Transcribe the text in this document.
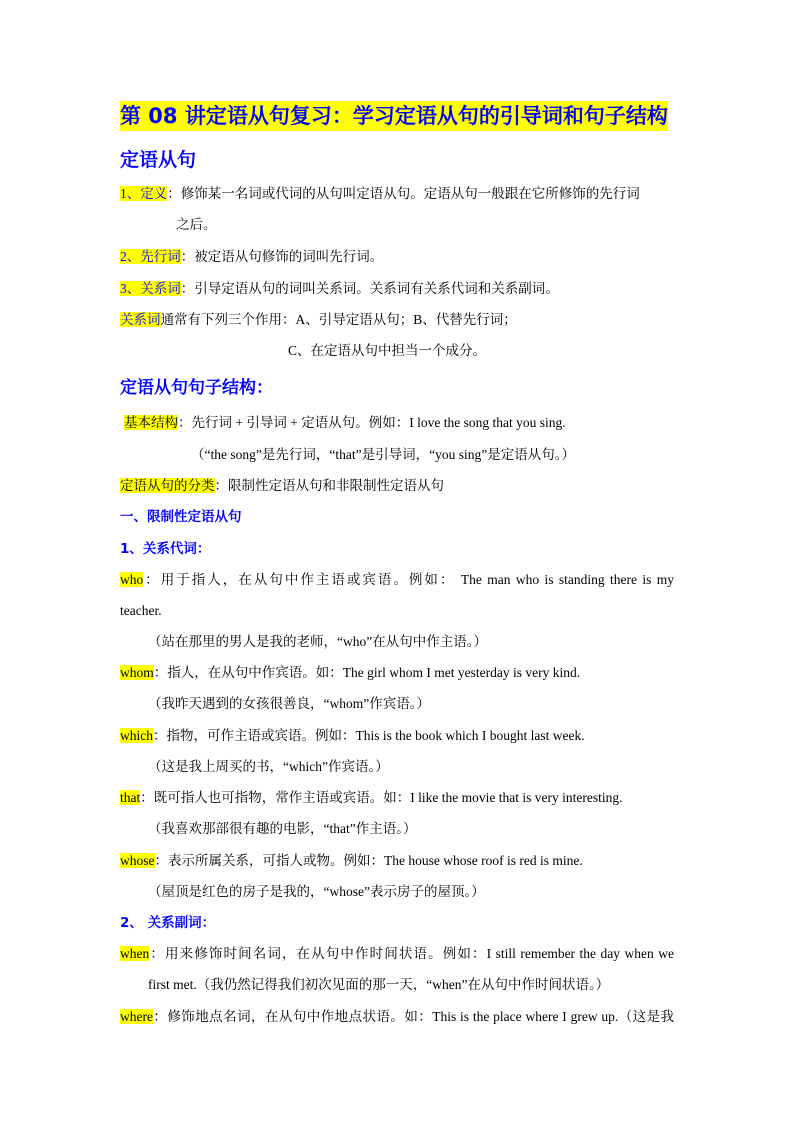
第 08 讲定语从句复习：学习定语从句的引导词和句子结构
定语从句
1、定义：修饰某一名词或代词的从句叫定语从句。定语从句一般跟在它所修饰的先行词
之后。
2、先行词：被定语从句修饰的词叫先行词。
3、关系词：引导定语从句的词叫关系词。关系词有关系代词和关系副词。
关系词通常有下列三个作用：A、引导定语从句；B、代替先行词；
C、在定语从句中担当一个成分。
定语从句句子结构：
基本结构：先行词 + 引导词 + 定语从句。例如：I love the song that you sing.
（“the song”是先行词，“that”是引导词，“you sing”是定语从句。）
定语从句的分类：限制性定语从句和非限制性定语从句
一、限制性定语从句
1、关系代词：
who：用于指人，在从句中作主语或宾语。例如： The man who is standing there is my
teacher.
（站在那里的男人是我的老师，“who”在从句中作主语。）
whom：指人，在从句中作宾语。如：The girl whom I met yesterday is very kind.
（我昨天遇到的女孩很善良，“whom”作宾语。）
which：指物，可作主语或宾语。例如：This is the book which I bought last week.
（这是我上周买的书，“which”作宾语。）
that：既可指人也可指物，常作主语或宾语。如：I like the movie that is very interesting.
（我喜欢那部很有趣的电影，“that”作主语。）
whose：表示所属关系，可指人或物。例如：The house whose roof is red is mine.
（屋顶是红色的房子是我的，“whose”表示房子的屋顶。）
2、 关系副词：
when：用来修饰时间名词，在从句中作时间状语。例如：I still remember the day when we
first met.（我仍然记得我们初次见面的那一天，“when”在从句中作时间状语。）
where：修饰地点名词，在从句中作地点状语。如：This is the place where I grew up.（这是我
